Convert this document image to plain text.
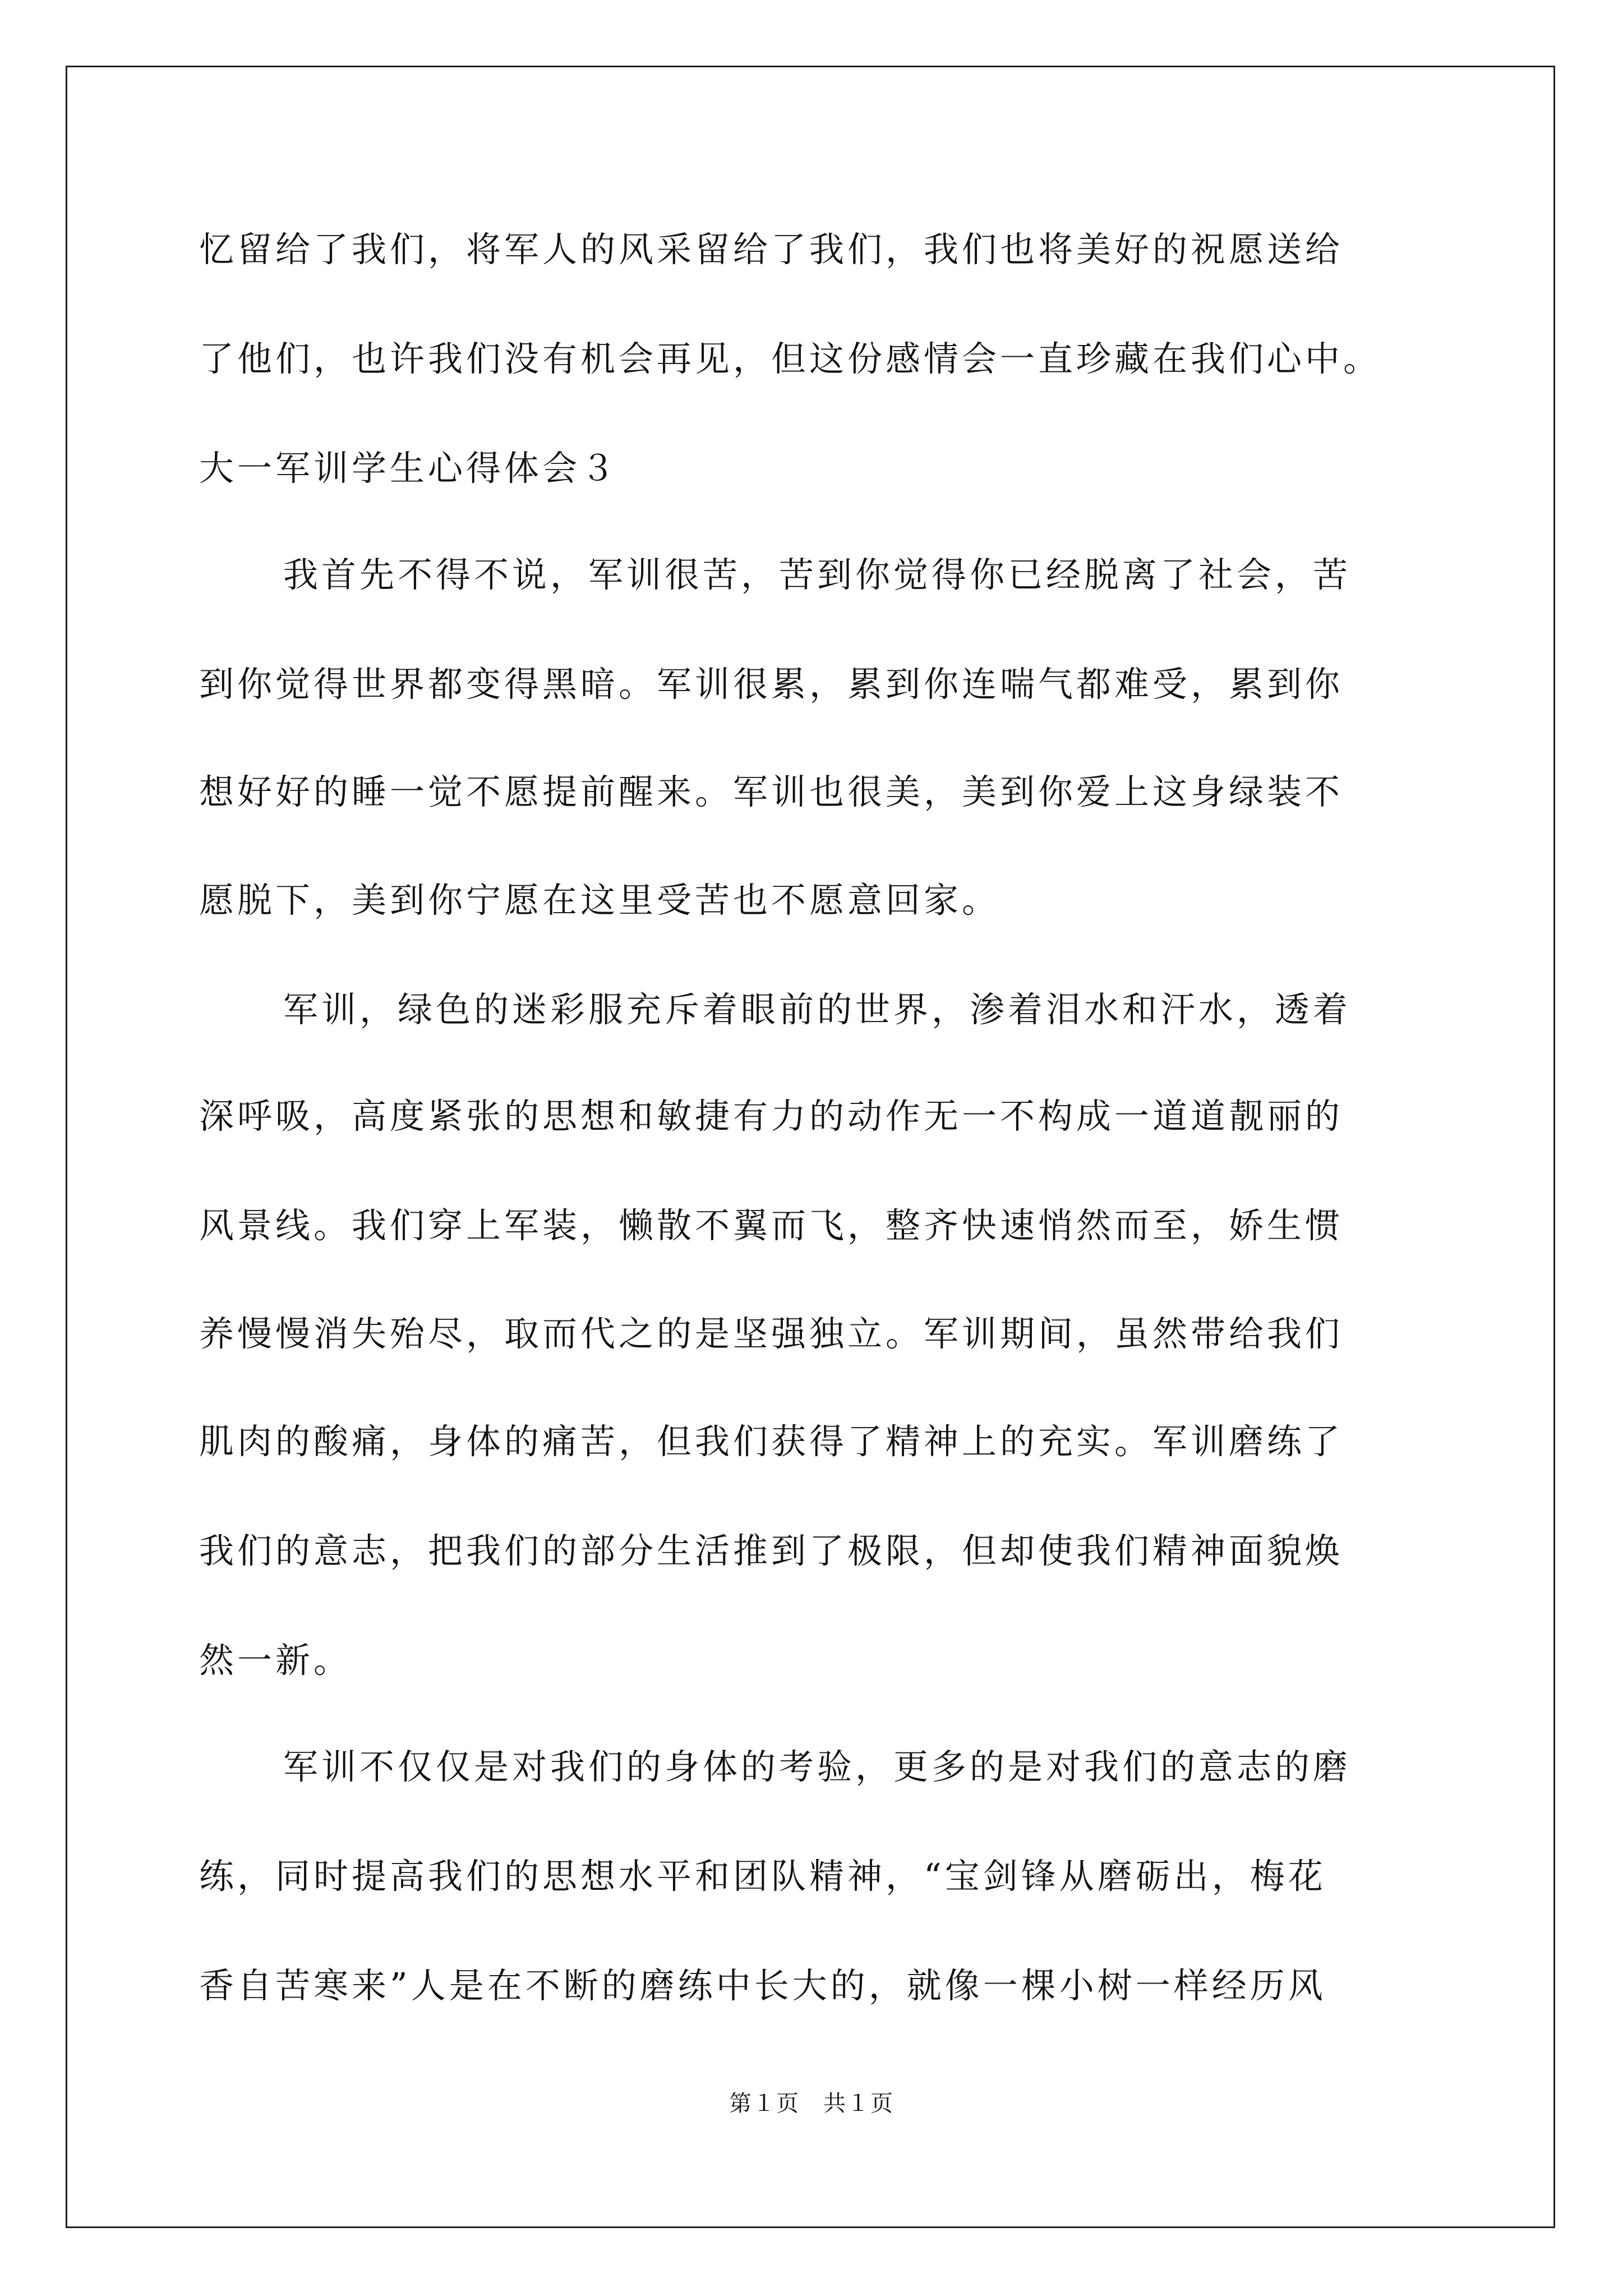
忆留给了我们，将军人的风采留给了我们，我们也将美好的祝愿送给
了他们，也许我们没有机会再见，但这份感情会一直珍藏在我们心中。
大一军训学生心得体会３
我首先不得不说，军训很苦，苦到你觉得你已经脱离了社会，苦
到你觉得世界都变得黑暗。军训很累，累到你连喘气都难受，累到你
想好好的睡一觉不愿提前醒来。军训也很美，美到你爱上这身绿装不
愿脱下，美到你宁愿在这里受苦也不愿意回家。
军训，绿色的迷彩服充斥着眼前的世界，渗着泪水和汗水，透着
深呼吸，高度紧张的思想和敏捷有力的动作无一不构成一道道靓丽的
风景线。我们穿上军装，懒散不翼而飞，整齐快速悄然而至，娇生惯
养慢慢消失殆尽，取而代之的是坚强独立。军训期间，虽然带给我们
肌肉的酸痛，身体的痛苦，但我们获得了精神上的充实。军训磨练了
我们的意志，把我们的部分生活推到了极限，但却使我们精神面貌焕
然一新。
军训不仅仅是对我们的身体的考验，更多的是对我们的意志的磨
练，同时提高我们的思想水平和团队精神，“宝剑锋从磨砺出，梅花
香自苦寒来”人是在不断的磨练中长大的，就像一棵小树一样经历风
第１页　共１页
